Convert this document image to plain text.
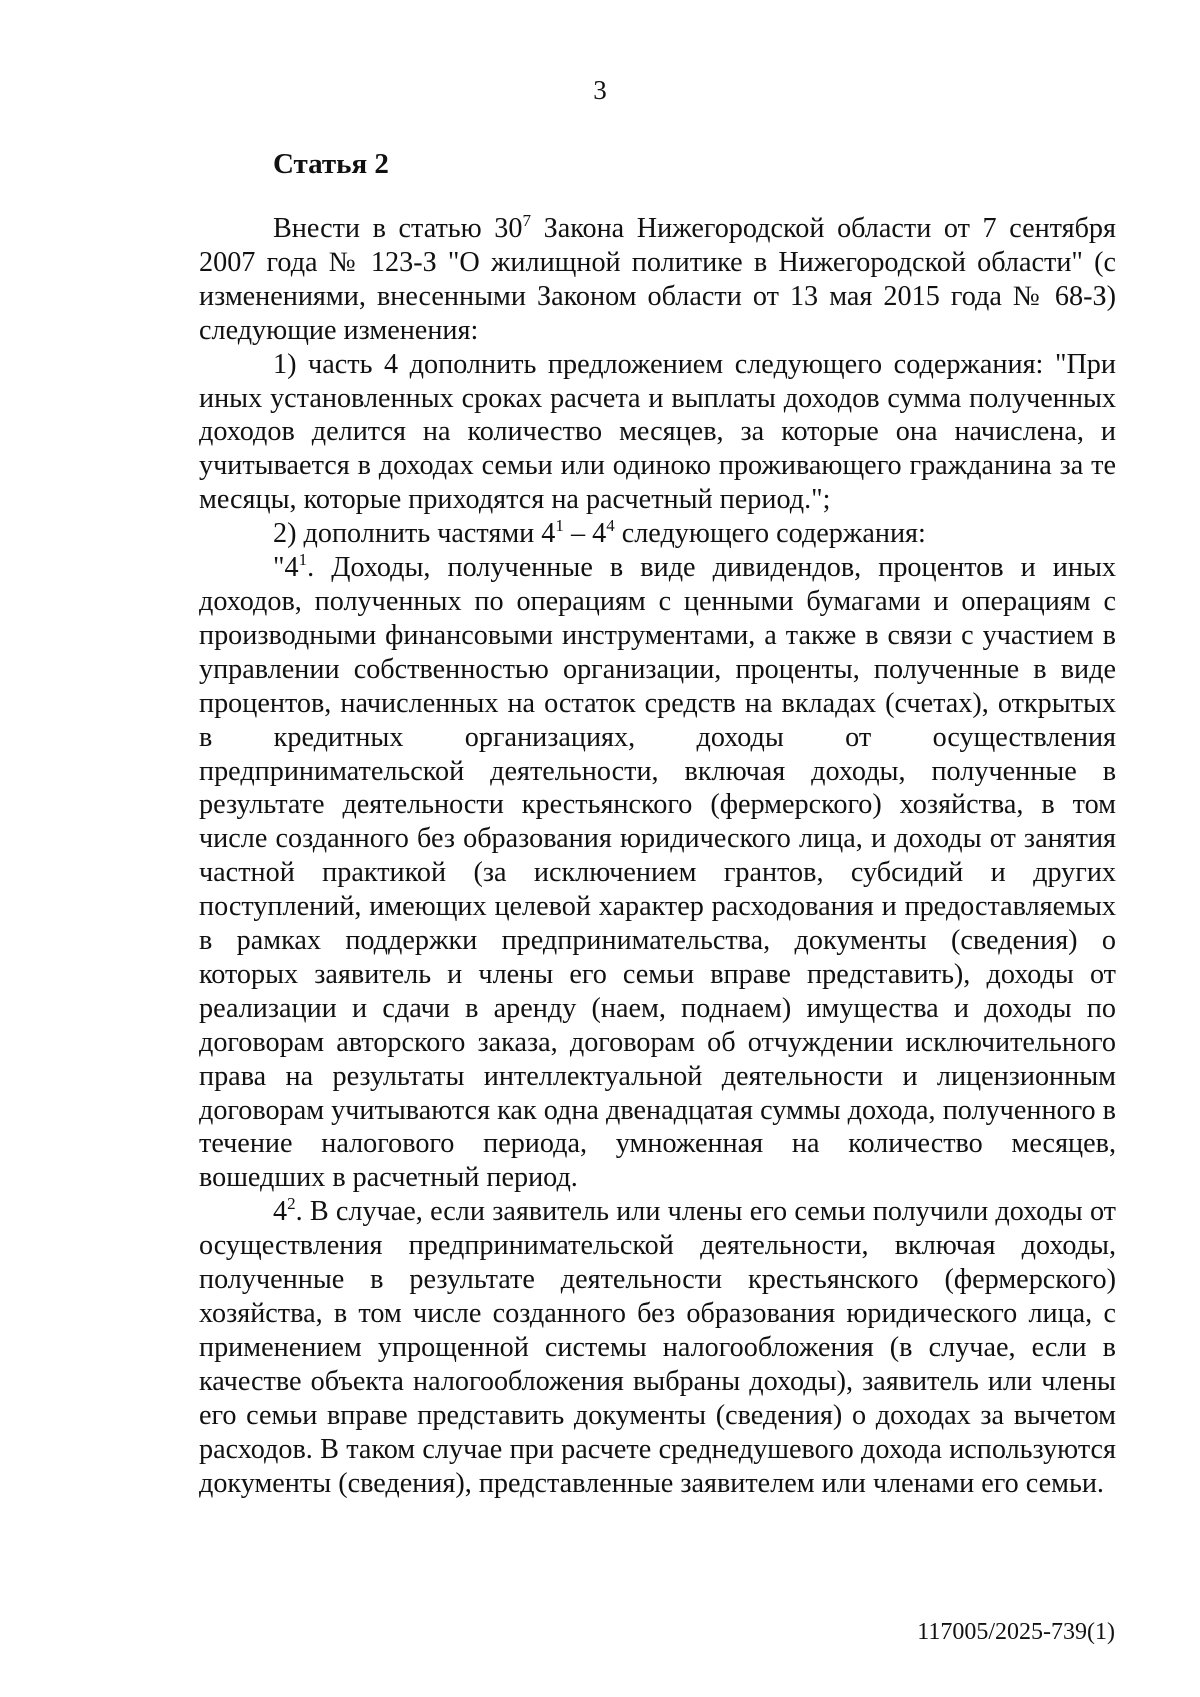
3
Статья 2

Внести в статью $30^7$ Закона Нижегородской области от 7 сентября 2007 года № 123-З "О жилищной политике в Нижегородской области" (с изменениями, внесенными Законом области от 13 мая 2015 года № 68-З) следующие изменения:

1) часть 4 дополнить предложением следующего содержания: "При иных установленных сроках расчета и выплаты доходов сумма полученных доходов делится на количество месяцев, за которые она начислена, и учитывается в доходах семьи или одиноко проживающего гражданина за те месяцы, которые приходятся на расчетный период.";

2) дополнить частями $4^1 - 4^4$ следующего содержания:

"$4^1$. Доходы, полученные в виде дивидендов, процентов и иных доходов, полученных по операциям с ценными бумагами и операциям с производными финансовыми инструментами, а также в связи с участием в управлении собственностью организации, проценты, полученные в виде процентов, начисленных на остаток средств на вкладах (счетах), открытых в кредитных организациях, доходы от осуществления предпринимательской деятельности, включая доходы, полученные в результате деятельности крестьянского (фермерского) хозяйства, в том числе созданного без образования юридического лица, и доходы от занятия частной практикой (за исключением грантов, субсидий и других поступлений, имеющих целевой характер расходования и предоставляемых в рамках поддержки предпринимательства, документы (сведения) о которых заявитель и члены его семьи вправе представить), доходы от реализации и сдачи в аренду (наем, поднаем) имущества и доходы по договорам авторского заказа, договорам об отчуждении исключительного права на результаты интеллектуальной деятельности и лицензионным договорам учитываются как одна двенадцатая суммы дохода, полученного в течение налогового периода, умноженная на количество месяцев, вошедших в расчетный период.

$4^2$. В случае, если заявитель или члены его семьи получили доходы от осуществления предпринимательской деятельности, включая доходы, полученные в результате деятельности крестьянского (фермерского) хозяйства, в том числе созданного без образования юридического лица, с применением упрощенной системы налогообложения (в случае, если в качестве объекта налогообложения выбраны доходы), заявитель или члены его семьи вправе представить документы (сведения) о доходах за вычетом расходов. В таком случае при расчете среднедушевого дохода используются документы (сведения), представленные заявителем или членами его семьи.

117005/2025-739(1)
